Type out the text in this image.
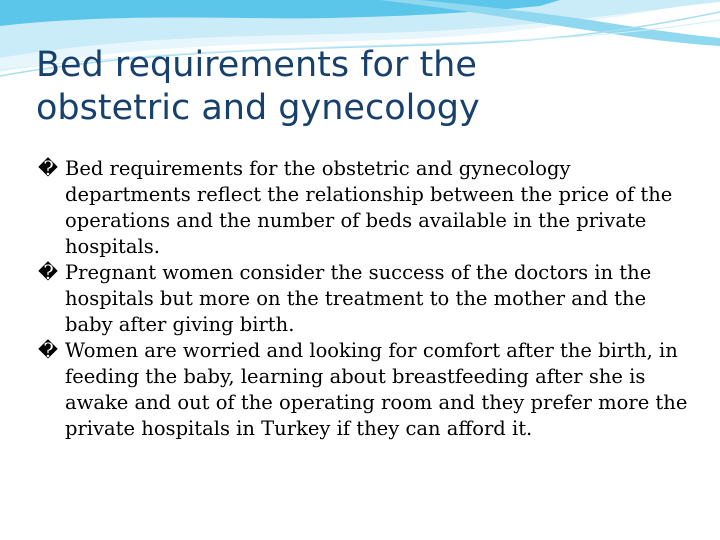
Bed requirements for the
obstetric and gynecology
� Bed requirements for the obstetric and gynecology departments reflect the relationship between the price of the operations and the number of beds available in the private hospitals.
� Pregnant women consider the success of the doctors in the hospitals but more on the treatment to the mother and the baby after giving birth.
� Women are worried and looking for comfort after the birth, in feeding the baby, learning about breastfeeding after she is awake and out of the operating room and they prefer more the private hospitals in Turkey if they can afford it.
